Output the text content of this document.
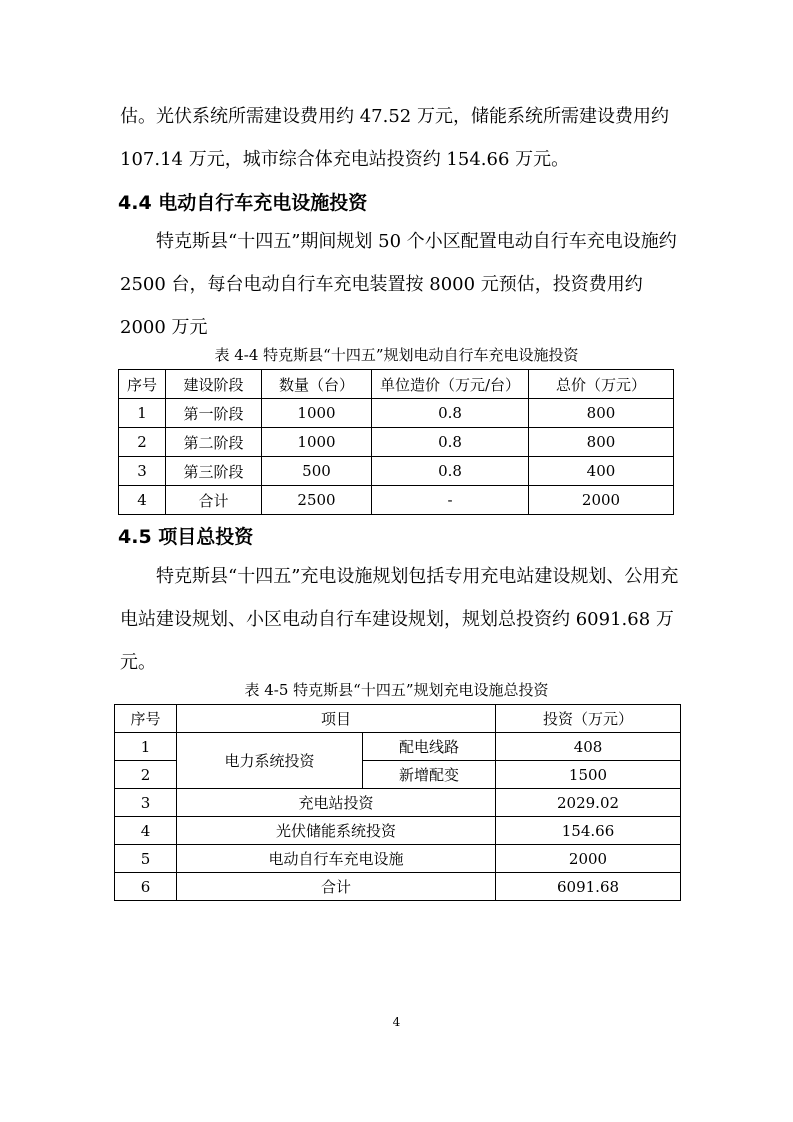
估。光伏系统所需建设费用约 47.52 万元，储能系统所需建设费用约

107.14 万元，城市综合体充电站投资约 154.66 万元。

4.4 电动自行车充电设施投资

特克斯县“十四五”期间规划 50 个小区配置电动自行车充电设施约 2500 台，每台电动自行车充电装置按 8000 元预估，投资费用约 2000 万元

表 4-4 特克斯县“十四五”规划电动自行车充电设施投资
序号	建设阶段	数量（台）	单位造价（万元/台）	总价（万元）
1	第一阶段	1000	0.8	800
2	第二阶段	1000	0.8	800
3	第三阶段	500	0.8	400
4	合计	2500	-	2000
4.5 项目总投资

特克斯县“十四五”充电设施规划包括专用充电站建设规划、公用充电站建设规划、小区电动自行车建设规划，规划总投资约 6091.68 万元。

表 4-5 特克斯县“十四五”规划充电设施总投资
序号	项目		投资（万元）
1	电力系统投资	配电线路	408
2		新增配变	1500
3	充电站投资		2029.02
4	光伏储能系统投资		154.66
5	电动自行车充电设施		2000
6	合计		6091.68
4
